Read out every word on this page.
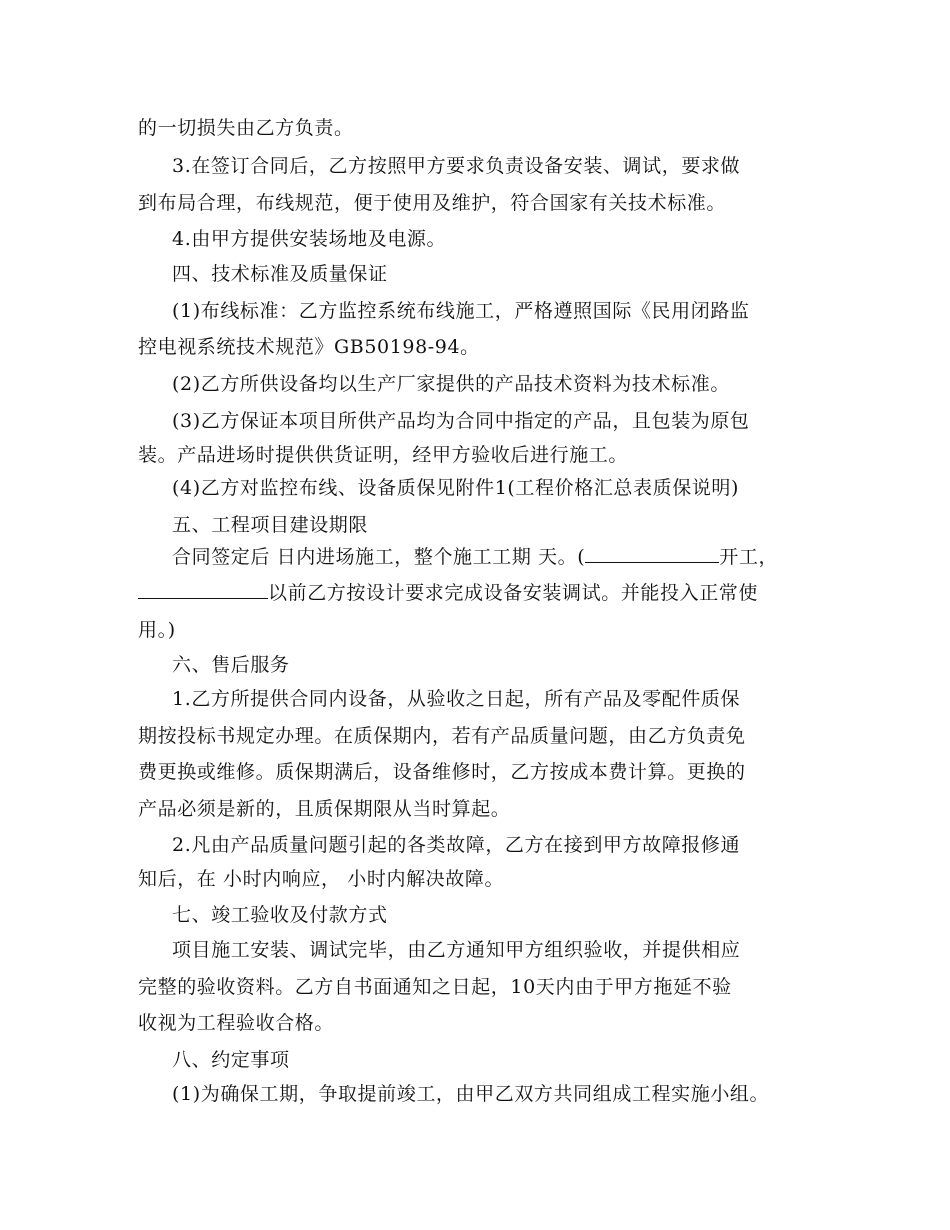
的一切损失由乙方负责。
3.在签订合同后，乙方按照甲方要求负责设备安装、调试，要求做
到布局合理，布线规范，便于使用及维护，符合国家有关技术标准。
4.由甲方提供安装场地及电源。
四、技术标准及质量保证
(1)布线标准：乙方监控系统布线施工，严格遵照国际《民用闭路监
控电视系统技术规范》GB50198-94。
(2)乙方所供设备均以生产厂家提供的产品技术资料为技术标准。
(3)乙方保证本项目所供产品均为合同中指定的产品，且包装为原包
装。产品进场时提供供货证明，经甲方验收后进行施工。
(4)乙方对监控布线、设备质保见附件1(工程价格汇总表质保说明)
五、工程项目建设期限
合同签定后 日内进场施工，整个施工工期 天。(	开工，
以前乙方按设计要求完成设备安装调试。并能投入正常使
用。)
六、售后服务
1.乙方所提供合同内设备，从验收之日起，所有产品及零配件质保
期按投标书规定办理。在质保期内，若有产品质量问题，由乙方负责免
费更换或维修。质保期满后，设备维修时，乙方按成本费计算。更换的
产品必须是新的，且质保期限从当时算起。
2.凡由产品质量问题引起的各类故障，乙方在接到甲方故障报修通
知后，在 小时内响应， 小时内解决故障。
七、竣工验收及付款方式
项目施工安装、调试完毕，由乙方通知甲方组织验收，并提供相应
完整的验收资料。乙方自书面通知之日起，10天内由于甲方拖延不验
收视为工程验收合格。
八、约定事项
(1)为确保工期，争取提前竣工，由甲乙双方共同组成工程实施小组。
